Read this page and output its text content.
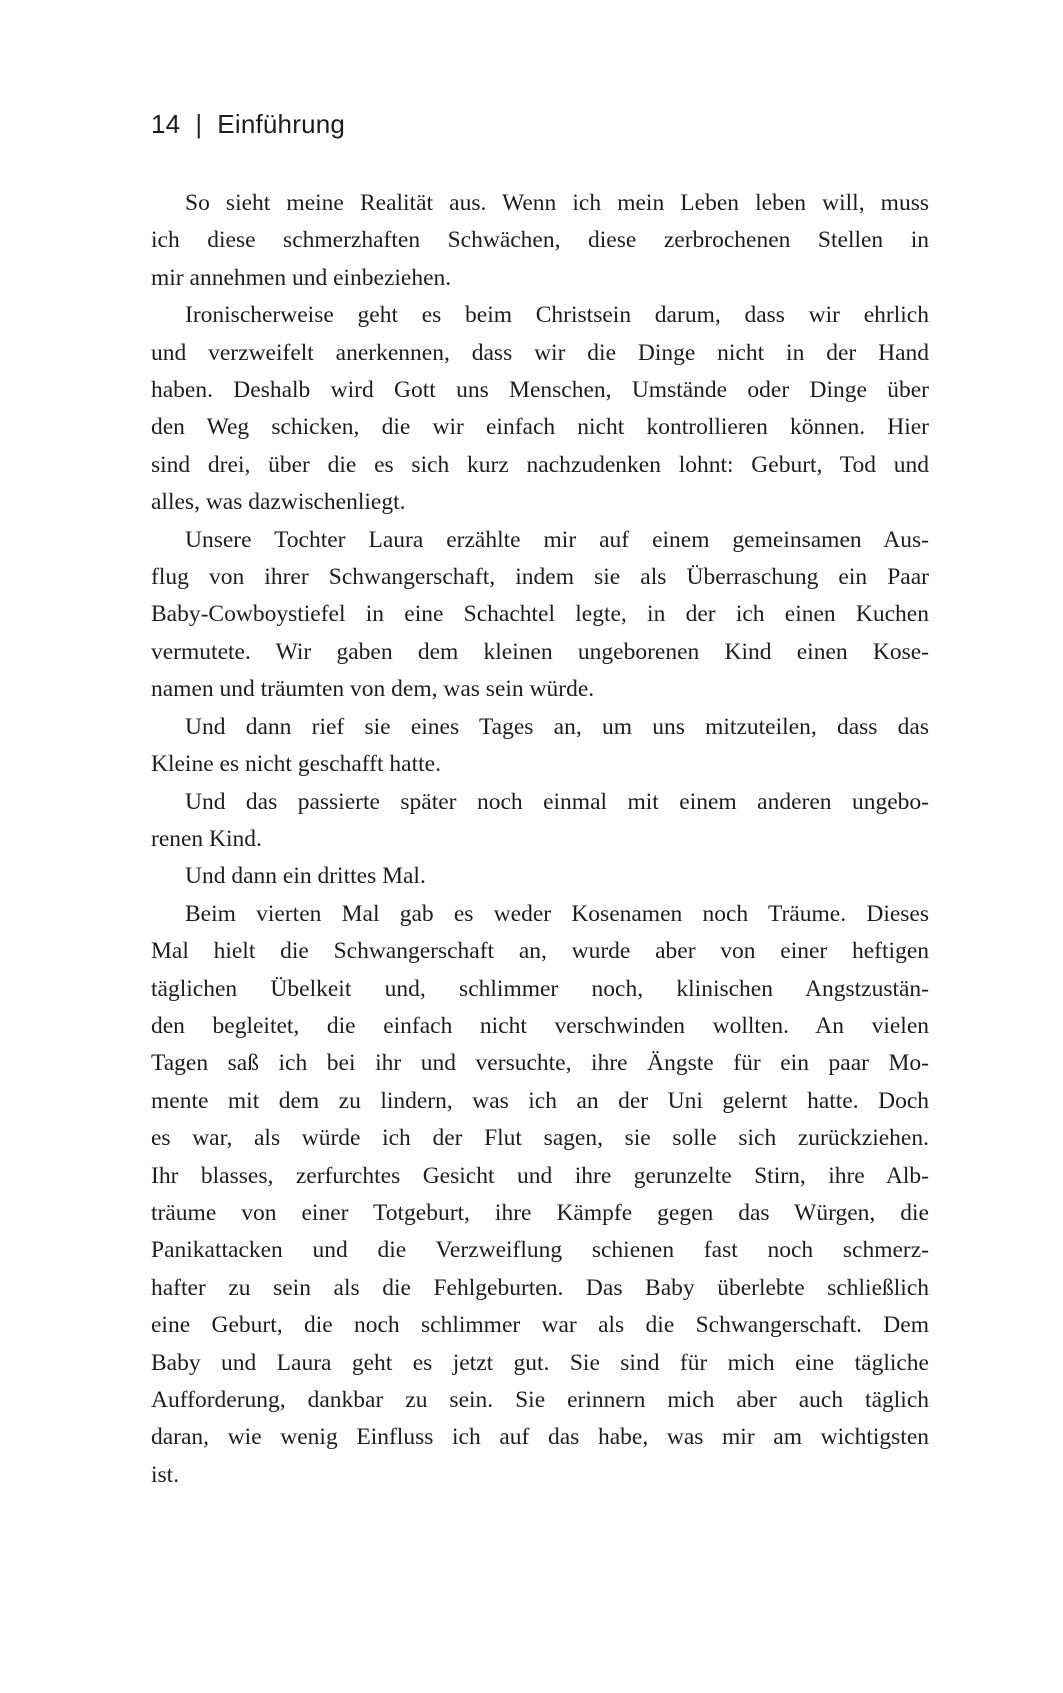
14 | Einführung
So sieht meine Realität aus. Wenn ich mein Leben leben will, muss
ich diese schmerzhaften Schwächen, diese zerbrochenen Stellen in
mir annehmen und einbeziehen.
Ironischerweise geht es beim Christsein darum, dass wir ehrlich
und verzweifelt anerkennen, dass wir die Dinge nicht in der Hand
haben. Deshalb wird Gott uns Menschen, Umstände oder Dinge über
den Weg schicken, die wir einfach nicht kontrollieren können. Hier
sind drei, über die es sich kurz nachzudenken lohnt: Geburt, Tod und
alles, was dazwischenliegt.
Unsere Tochter Laura erzählte mir auf einem gemeinsamen Aus-
flug von ihrer Schwangerschaft, indem sie als Überraschung ein Paar
Baby-Cowboystiefel in eine Schachtel legte, in der ich einen Kuchen
vermutete. Wir gaben dem kleinen ungeborenen Kind einen Kose-
namen und träumten von dem, was sein würde.
Und dann rief sie eines Tages an, um uns mitzuteilen, dass das
Kleine es nicht geschafft hatte.
Und das passierte später noch einmal mit einem anderen ungebo-
renen Kind.
Und dann ein drittes Mal.
Beim vierten Mal gab es weder Kosenamen noch Träume. Dieses
Mal hielt die Schwangerschaft an, wurde aber von einer heftigen
täglichen Übelkeit und, schlimmer noch, klinischen Angstzustän-
den begleitet, die einfach nicht verschwinden wollten. An vielen
Tagen saß ich bei ihr und versuchte, ihre Ängste für ein paar Mo-
mente mit dem zu lindern, was ich an der Uni gelernt hatte. Doch
es war, als würde ich der Flut sagen, sie solle sich zurückziehen.
Ihr blasses, zerfurchtes Gesicht und ihre gerunzelte Stirn, ihre Alb-
träume von einer Totgeburt, ihre Kämpfe gegen das Würgen, die
Panikattacken und die Verzweiflung schienen fast noch schmerz-
hafter zu sein als die Fehlgeburten. Das Baby überlebte schließlich
eine Geburt, die noch schlimmer war als die Schwangerschaft. Dem
Baby und Laura geht es jetzt gut. Sie sind für mich eine tägliche
Aufforderung, dankbar zu sein. Sie erinnern mich aber auch täglich
daran, wie wenig Einfluss ich auf das habe, was mir am wichtigsten
ist.
